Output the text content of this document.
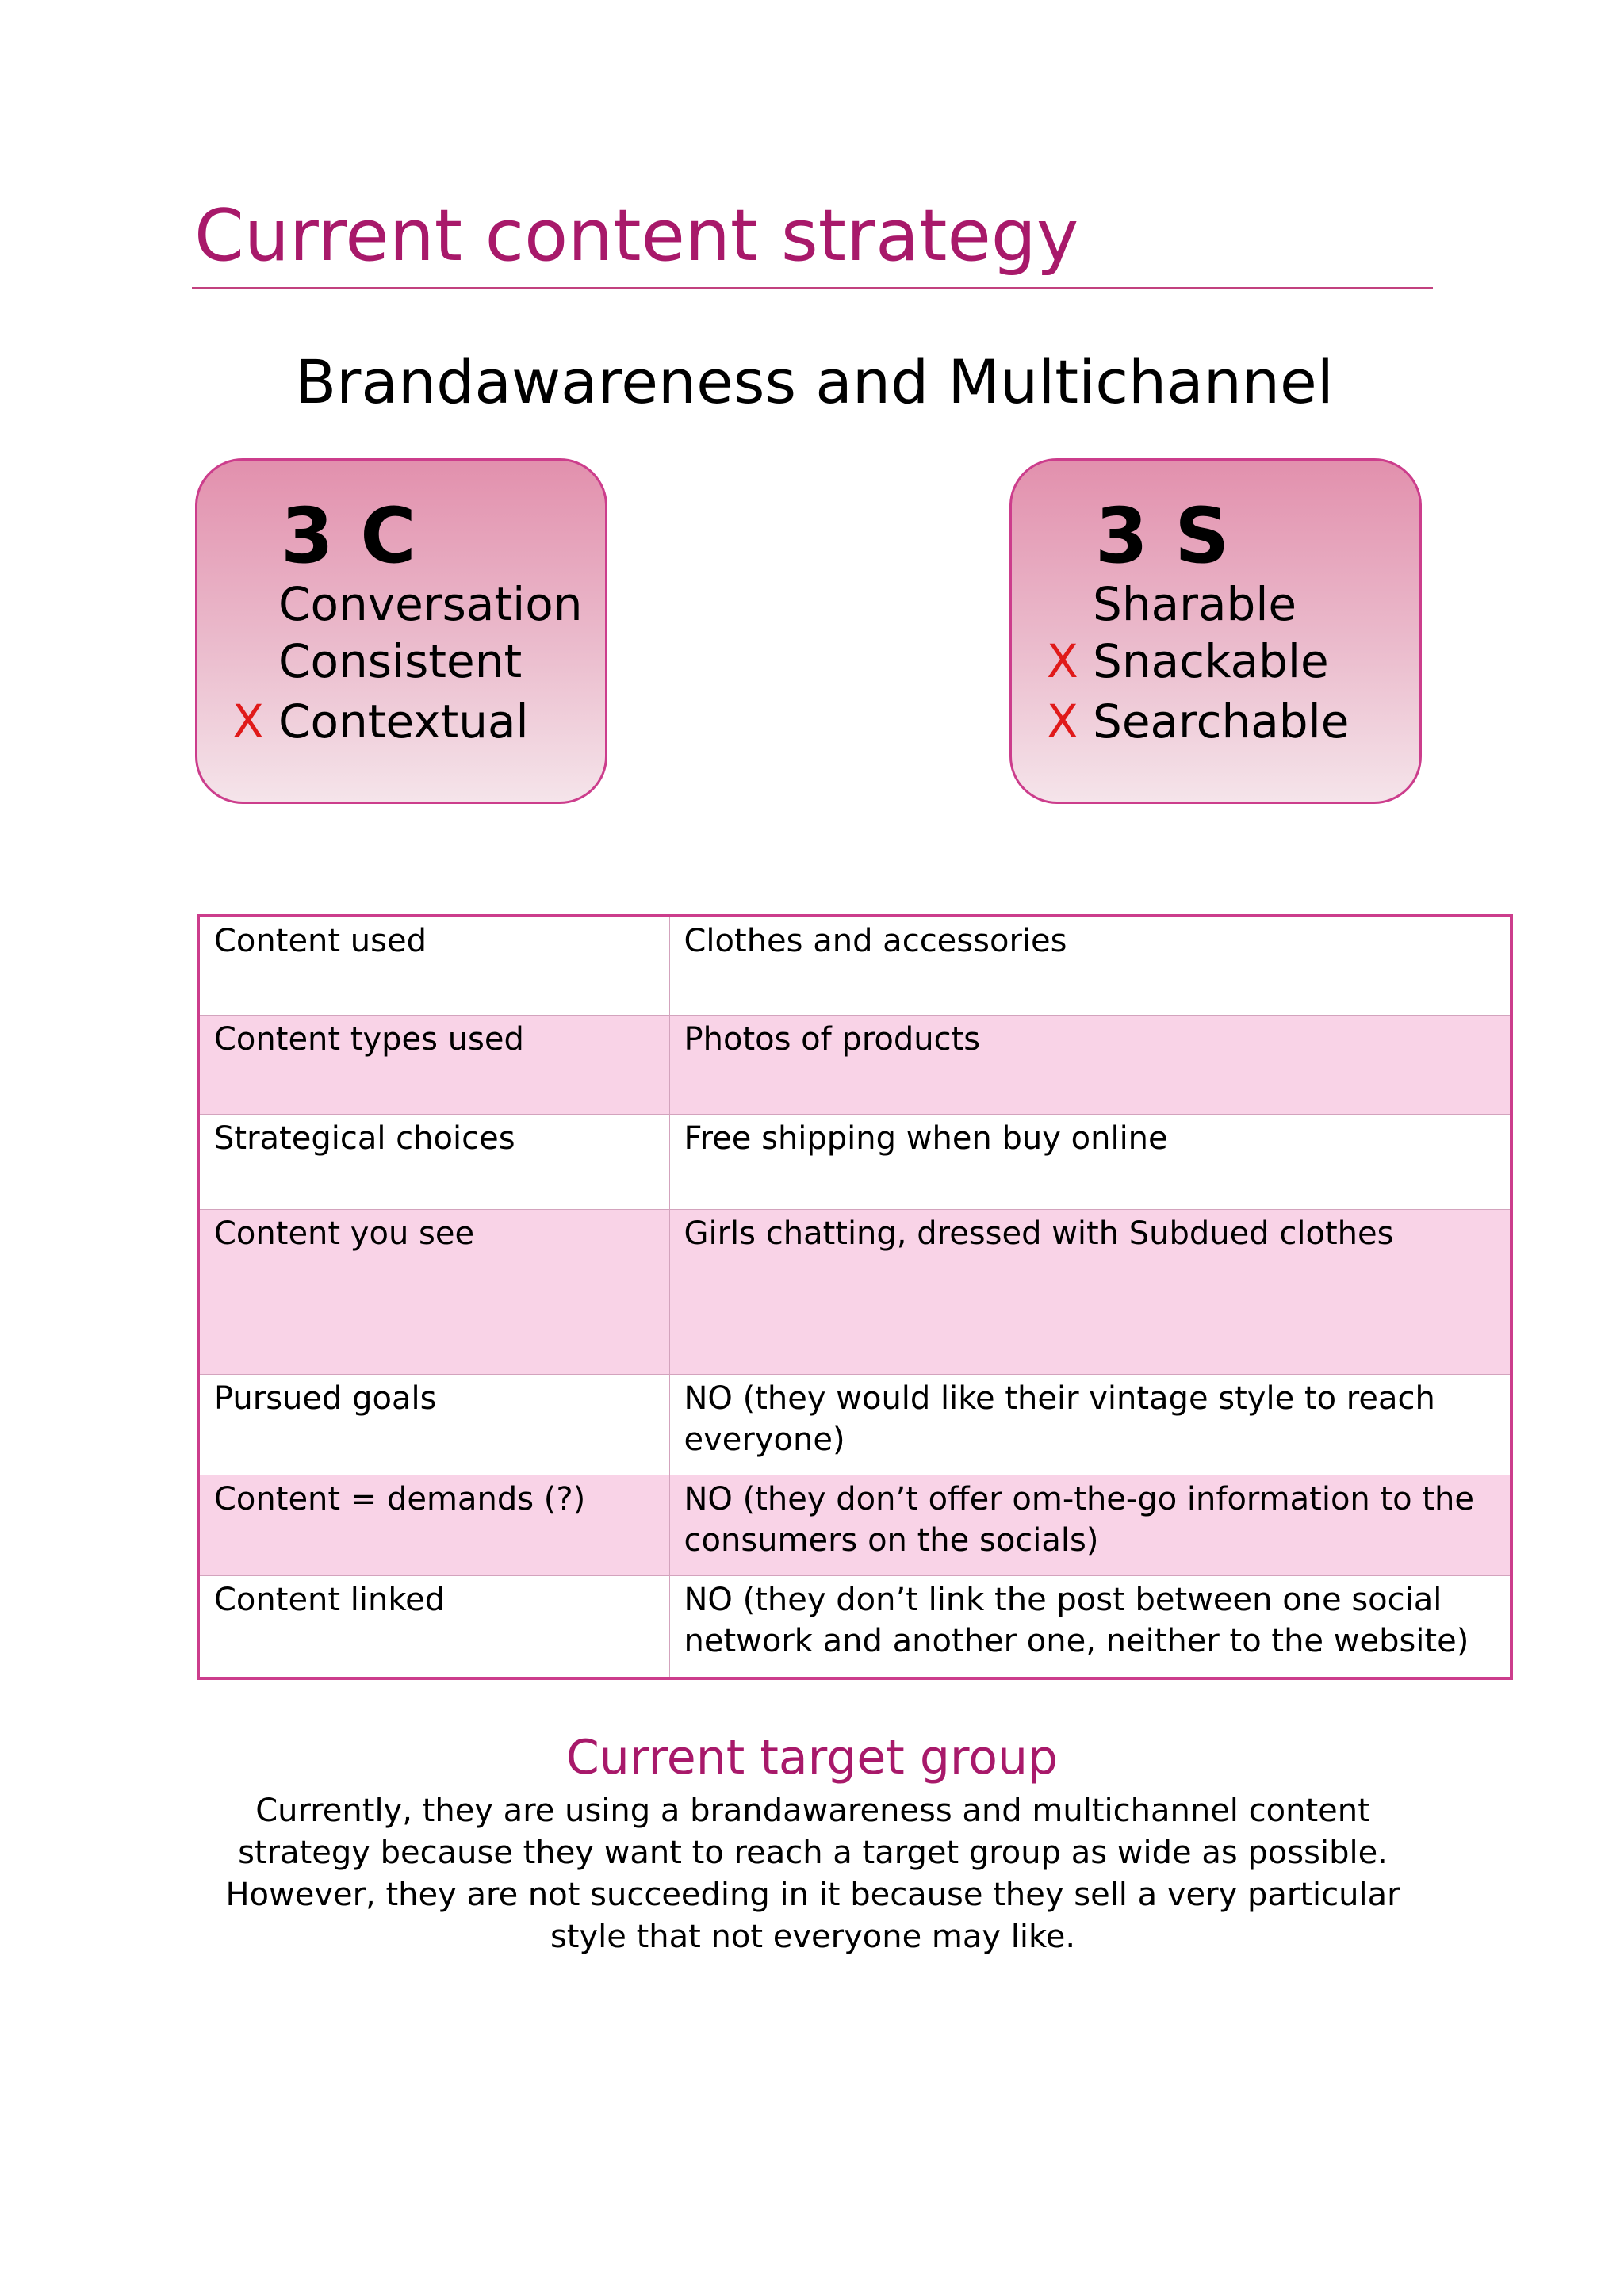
Current content strategy
Brandawareness and Multichannel
3 C
Conversation
Consistent
X Contextual
3 S
Sharable
X Snackable
X Searchable
Content used	Clothes and accessories
Content types used	Photos of products
Strategical choices	Free shipping when buy online
Content you see	Girls chatting, dressed with Subdued clothes
Pursued goals	NO (they would like their vintage style to reach everyone)
Content = demands (?)	NO (they don’t offer om-the-go information to the consumers on the socials)
Content linked	NO (they don’t link the post between one social network and another one, neither to the website)
Current target group
Currently, they are using a brandawareness and multichannel content strategy because they want to reach a target group as wide as possible. However, they are not succeeding in it because they sell a very particular style that not everyone may like.
